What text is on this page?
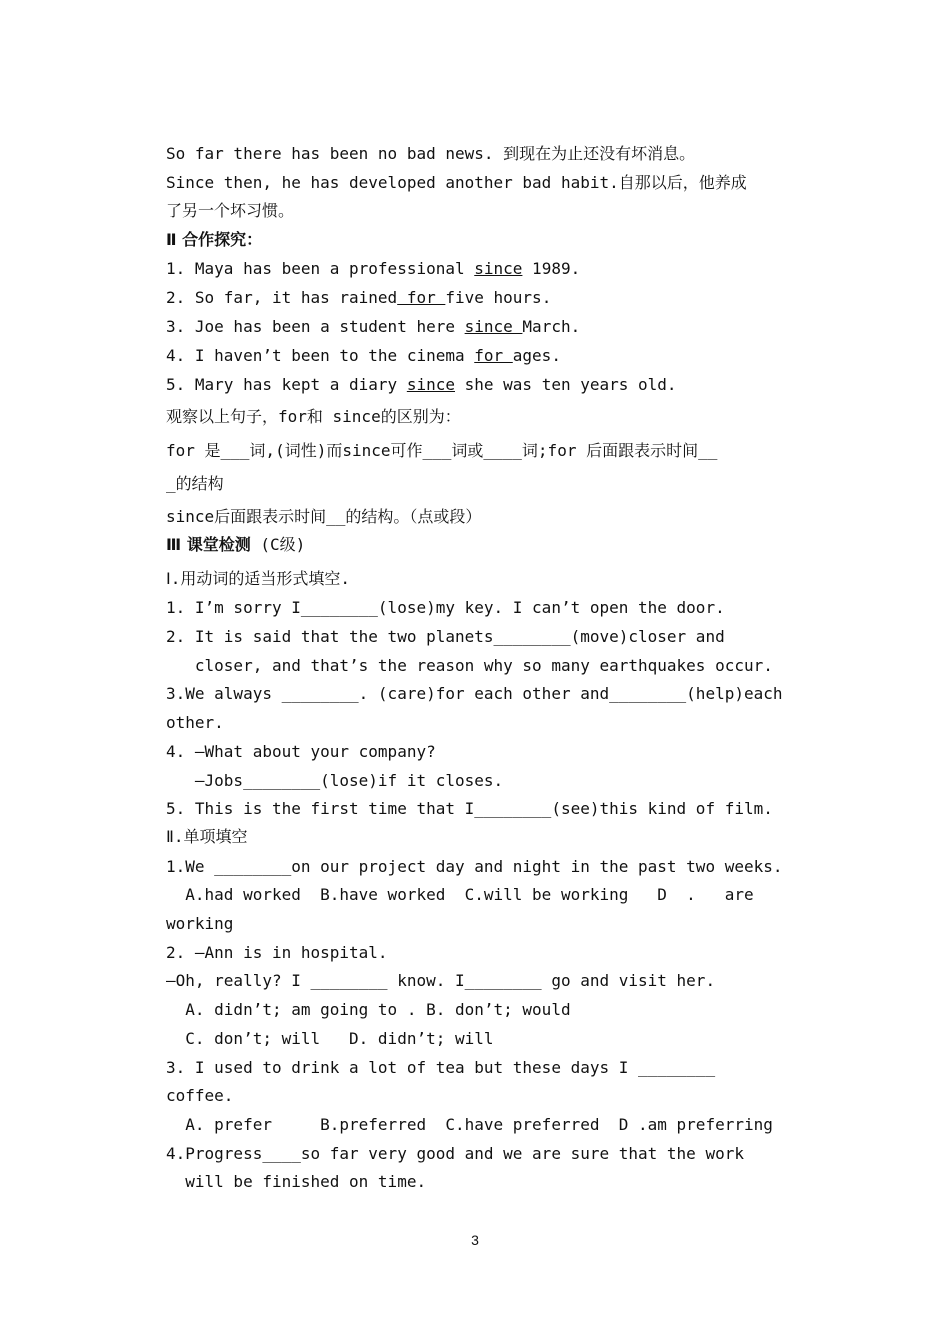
So far there has been no bad news. 到现在为止还没有坏消息。
Since then, he has developed another bad habit.自那以后，他养成
了另一个坏习惯。
Ⅱ 合作探究：
1. Maya has been a professional since 1989.
2. So far, it has rained for five hours.
3. Joe has been a student here since March.
4. I haven’t been to the cinema for ages.
5. Mary has kept a diary since she was ten years old.
观察以上句子，for和 since的区别为：
for 是___词,(词性)而since可作___词或____词;for 后面跟表示时间__
_的结构
since后面跟表示时间__的结构。（点或段）
Ⅲ 课堂检测 (C级)
Ⅰ.用动词的适当形式填空.
1. I’m sorry I________(lose)my key. I can’t open the door.
2. It is said that the two planets________(move)closer and
closer, and that’s the reason why so many earthquakes occur.
3.We always ________. (care)for each other and________(help)each
other.
4. —What about your company?
—Jobs________(lose)if it closes.
5. This is the first time that I________(see)this kind of film.
Ⅱ.单项填空
1.We ________on our project day and night in the past two weeks.
A.had worked  B.have worked  C.will be working   D  .   are
working
2. —Ann is in hospital.
—Oh, really? I ________ know. I________ go and visit her.
A. didn’t; am going to . B. don’t; would
C. don’t; will   D. didn’t; will
3. I used to drink a lot of tea but these days I ________
coffee.
A. prefer     B.preferred  C.have preferred  D .am preferring
4.Progress____so far very good and we are sure that the work
will be finished on time.
3
